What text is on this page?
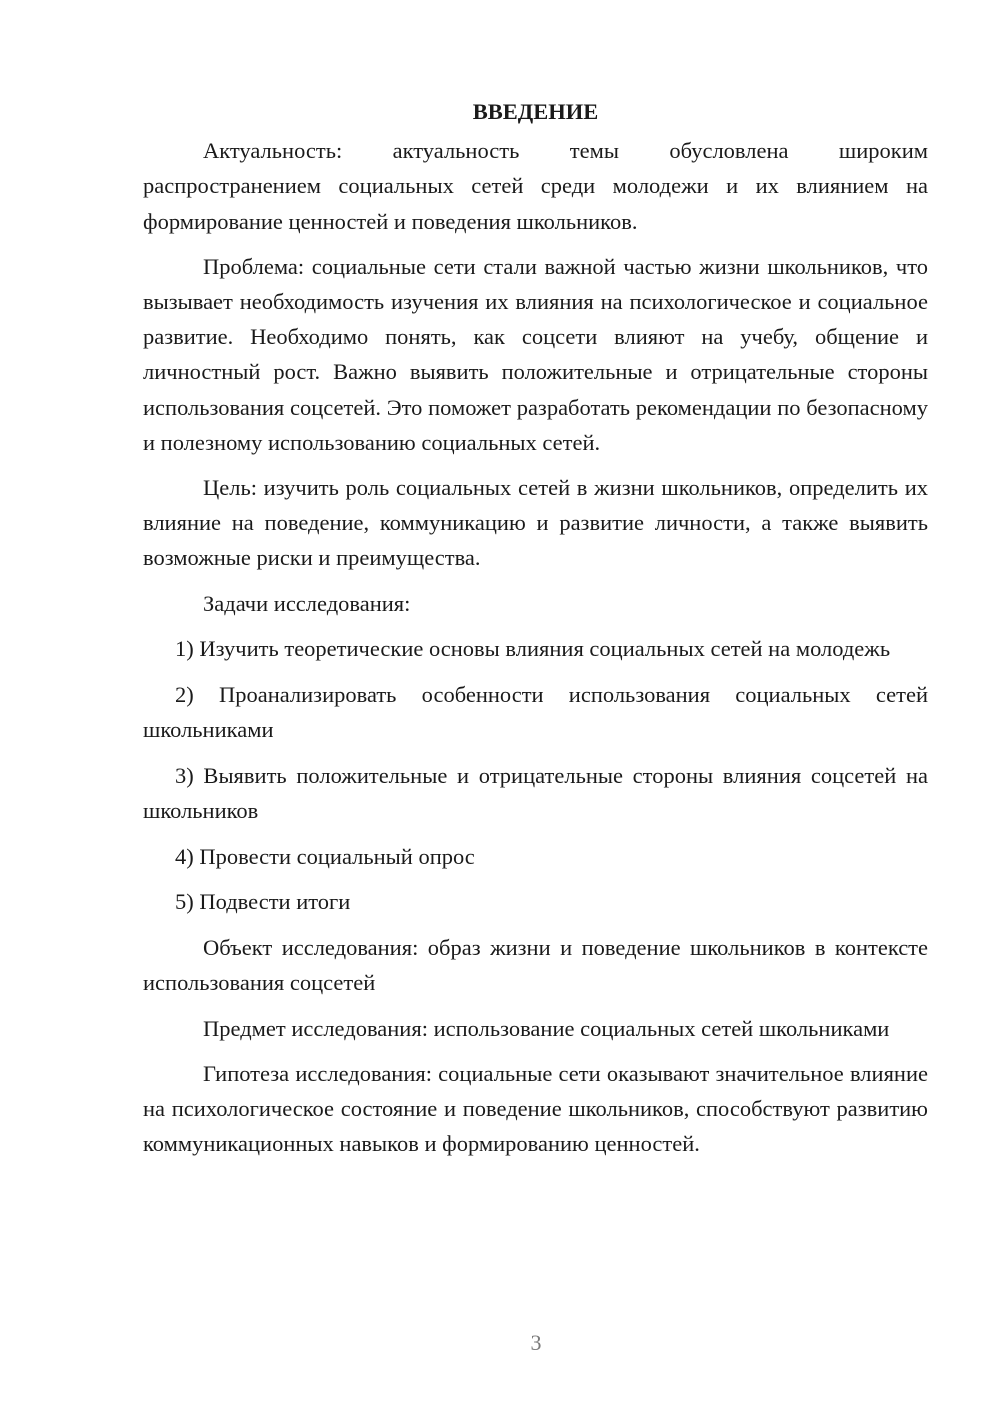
ВВЕДЕНИЕ

Актуальность: актуальность темы обусловлена широким распространением социальных сетей среди молодежи и их влиянием на формирование ценностей и поведения школьников.

Проблема: социальные сети стали важной частью жизни школьников, что вызывает необходимость изучения их влияния на психологическое и социальное развитие. Необходимо понять, как соцсети влияют на учебу, общение и личностный рост. Важно выявить положительные и отрицательные стороны использования соцсетей. Это поможет разработать рекомендации по безопасному и полезному использованию социальных сетей.

Цель: изучить роль социальных сетей в жизни школьников, определить их влияние на поведение, коммуникацию и развитие личности, а также выявить возможные риски и преимущества.

Задачи исследования:

1) Изучить теоретические основы влияния социальных сетей на молодежь

2) Проанализировать особенности использования социальных сетей школьниками

3) Выявить положительные и отрицательные стороны влияния соцсетей на школьников

4) Провести социальный опрос

5) Подвести итоги

Объект исследования: образ жизни и поведение школьников в контексте использования соцсетей

Предмет исследования: использование социальных сетей школьниками

Гипотеза исследования: социальные сети оказывают значительное влияние на психологическое состояние и поведение школьников, способствуют развитию коммуникационных навыков и формированию ценностей.

3
